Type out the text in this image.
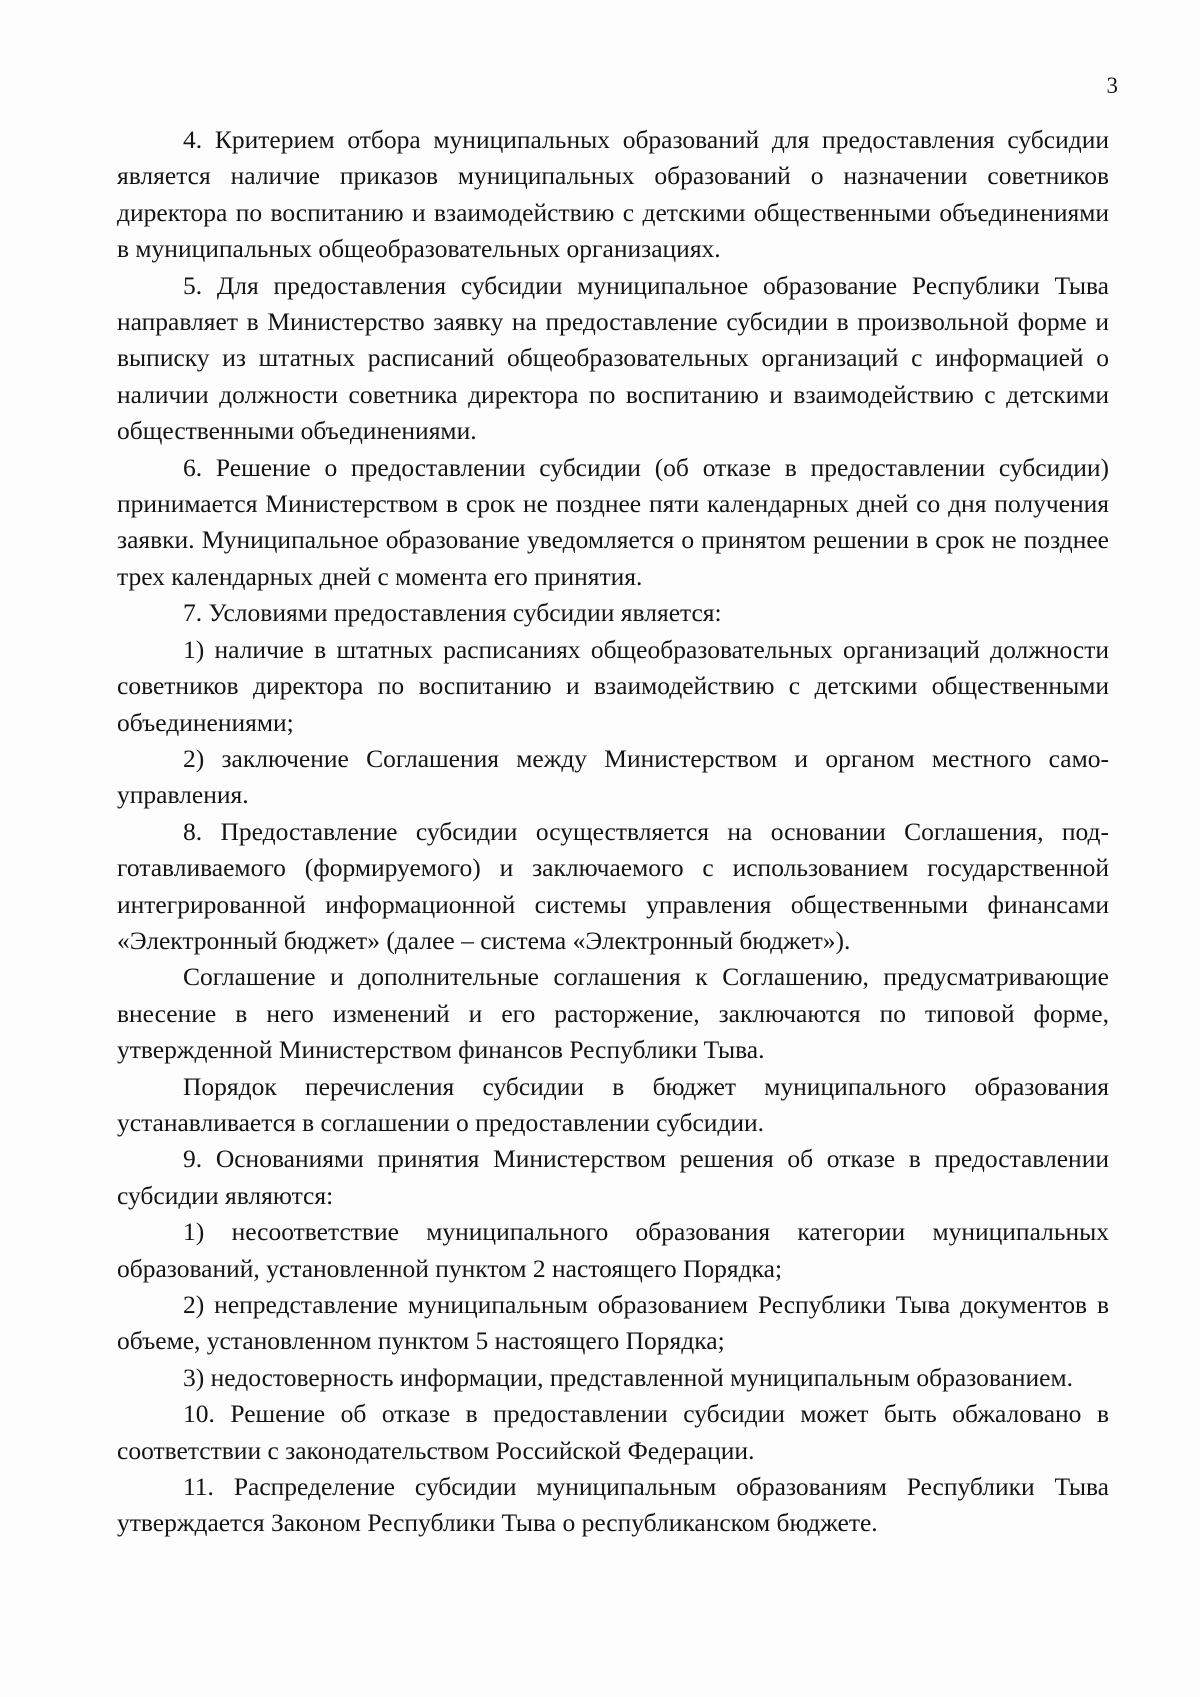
3

4. Критерием отбора муниципальных образований для предоставления субсидии является наличие приказов муниципальных образований о назначении советников директора по воспитанию и взаимодействию с детскими общественными объединениями в муниципальных общеобразовательных организациях.

5. Для предоставления субсидии муниципальное образование Республики Тыва направляет в Министерство заявку на предоставление субсидии в произвольной форме и выписку из штатных расписаний общеобразовательных организаций с информацией о наличии должности советника директора по воспитанию и взаимодействию с детскими общественными объединениями.

6. Решение о предоставлении субсидии (об отказе в предоставлении субсидии) принимается Министерством в срок не позднее пяти календарных дней со дня получения заявки. Муниципальное образование уведомляется о принятом решении в срок не позднее трех календарных дней с момента его принятия.

7. Условиями предоставления субсидии является:

1) наличие в штатных расписаниях общеобразовательных организаций должности советников директора по воспитанию и взаимодействию с детскими общественными объединениями;

2) заключение Соглашения между Министерством и органом местного самоуправления.

8. Предоставление субсидии осуществляется на основании Соглашения, подготавливаемого (формируемого) и заключаемого с использованием государственной интегрированной информационной системы управления общественными финансами «Электронный бюджет» (далее – система «Электронный бюджет»).

Соглашение и дополнительные соглашения к Соглашению, предусматривающие внесение в него изменений и его расторжение, заключаются по типовой форме, утвержденной Министерством финансов Республики Тыва.

Порядок перечисления субсидии в бюджет муниципального образования устанавливается в соглашении о предоставлении субсидии.

9. Основаниями принятия Министерством решения об отказе в предоставлении субсидии являются:

1) несоответствие муниципального образования категории муниципальных образований, установленной пунктом 2 настоящего Порядка;

2) непредставление муниципальным образованием Республики Тыва документов в объеме, установленном пунктом 5 настоящего Порядка;

3) недостоверность информации, представленной муниципальным образованием.

10. Решение об отказе в предоставлении субсидии может быть обжаловано в соответствии с законодательством Российской Федерации.

11. Распределение субсидии муниципальным образованиям Республики Тыва утверждается Законом Республики Тыва о республиканском бюджете.
